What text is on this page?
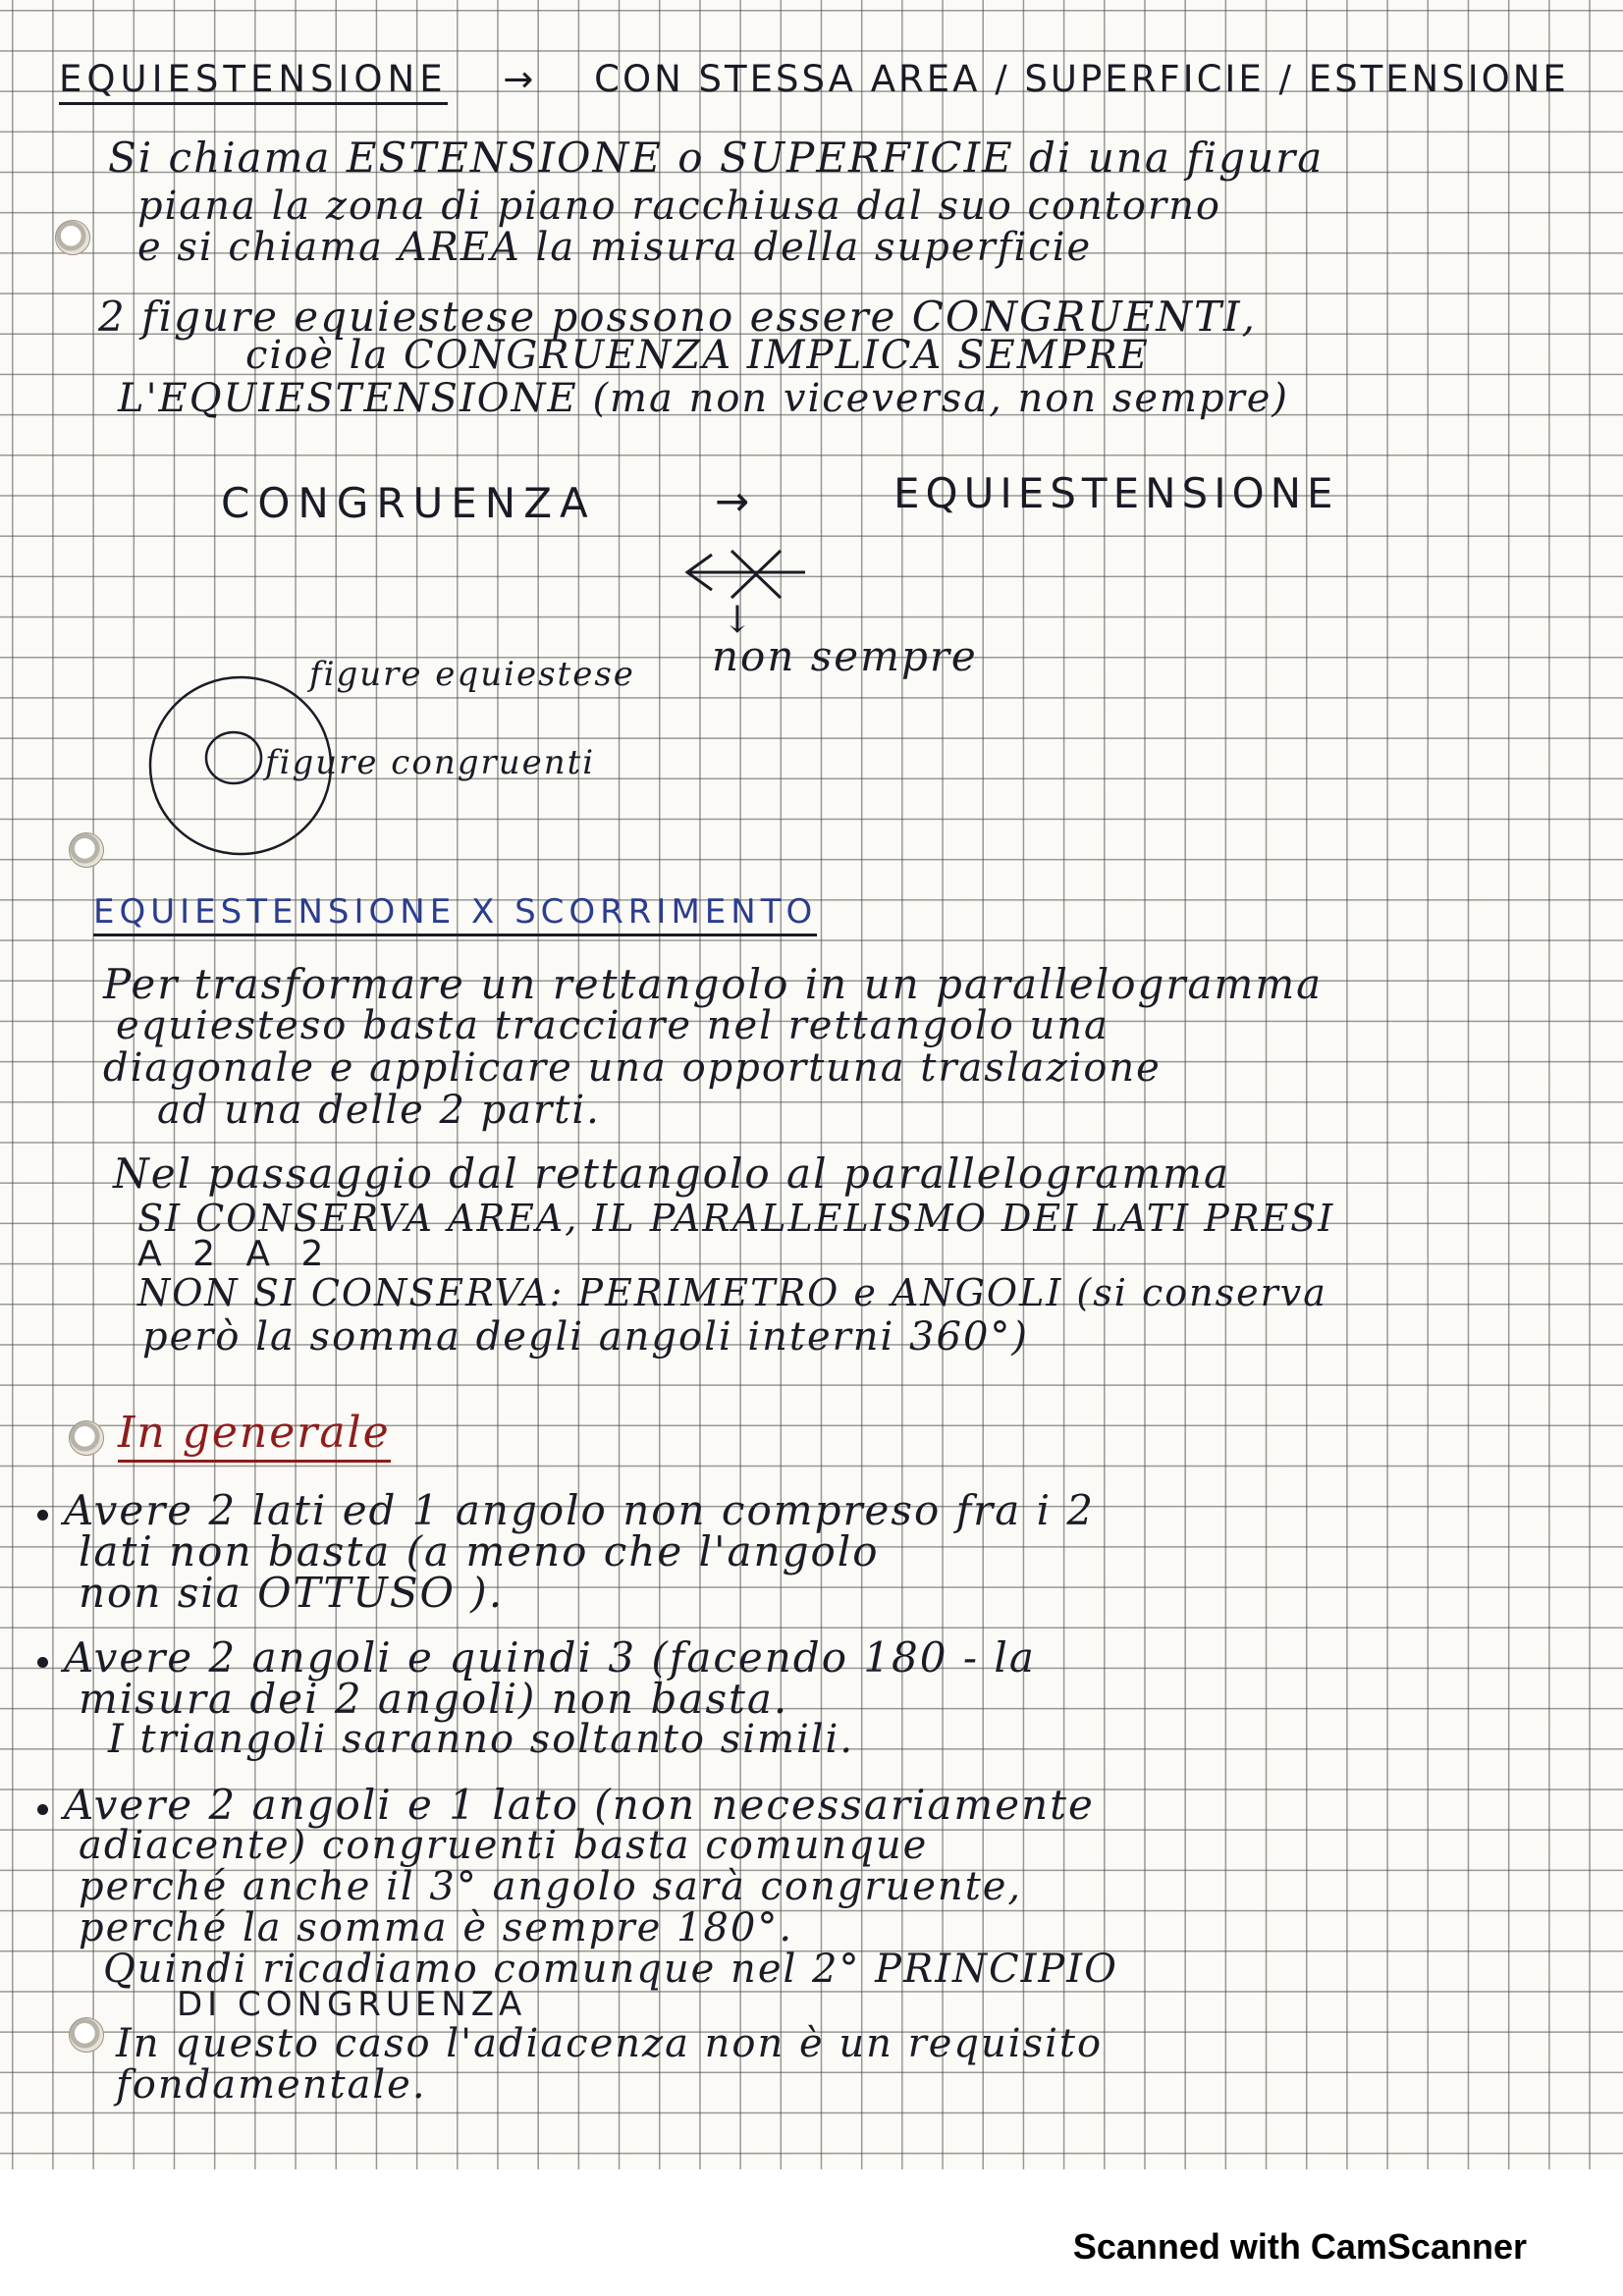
EQUIESTENSIONE → CON STESSA AREA / SUPERFICIE / ESTENSIONE
Si chiama ESTENSIONE o SUPERFICIE di una figura
piana la zona di piano racchiusa dal suo contorno
e si chiama AREA la misura della superficie
2 figure equiestese possono essere CONGRUENTI,
cioè la CONGRUENZA IMPLICA SEMPRE
L'EQUIESTENSIONE (ma non viceversa, non sempre)
CONGRUENZA	→	EQUIESTENSIONE
↓
non sempre
figure equiestese
figure congruenti
EQUIESTENSIONE X SCORRIMENTO
Per trasformare un rettangolo in un parallelogramma
equiesteso basta tracciare nel rettangolo una
diagonale e applicare una opportuna traslazione
ad una delle 2 parti.
Nel passaggio dal rettangolo al parallelogramma
SI CONSERVA AREA, IL PARALLELISMO DEI LATI PRESI
A 2 A 2
NON SI CONSERVA: PERIMETRO e ANGOLI (si conserva
però la somma degli angoli interni 360°)
In generale
Avere 2 lati ed 1 angolo non compreso fra i 2
lati non basta (a meno che l'angolo
non sia OTTUSO ).
Avere 2 angoli e quindi 3 (facendo 180 - la
misura dei 2 angoli) non basta.
I triangoli saranno soltanto simili.
Avere 2 angoli e 1 lato (non necessariamente
adiacente) congruenti basta comunque
perché anche il 3° angolo sarà congruente,
perché la somma è sempre 180°.
Quindi ricadiamo comunque nel 2° PRINCIPIO
DI CONGRUENZA
In questo caso l'adiacenza non è un requisito
fondamentale.
Scanned with CamScanner
